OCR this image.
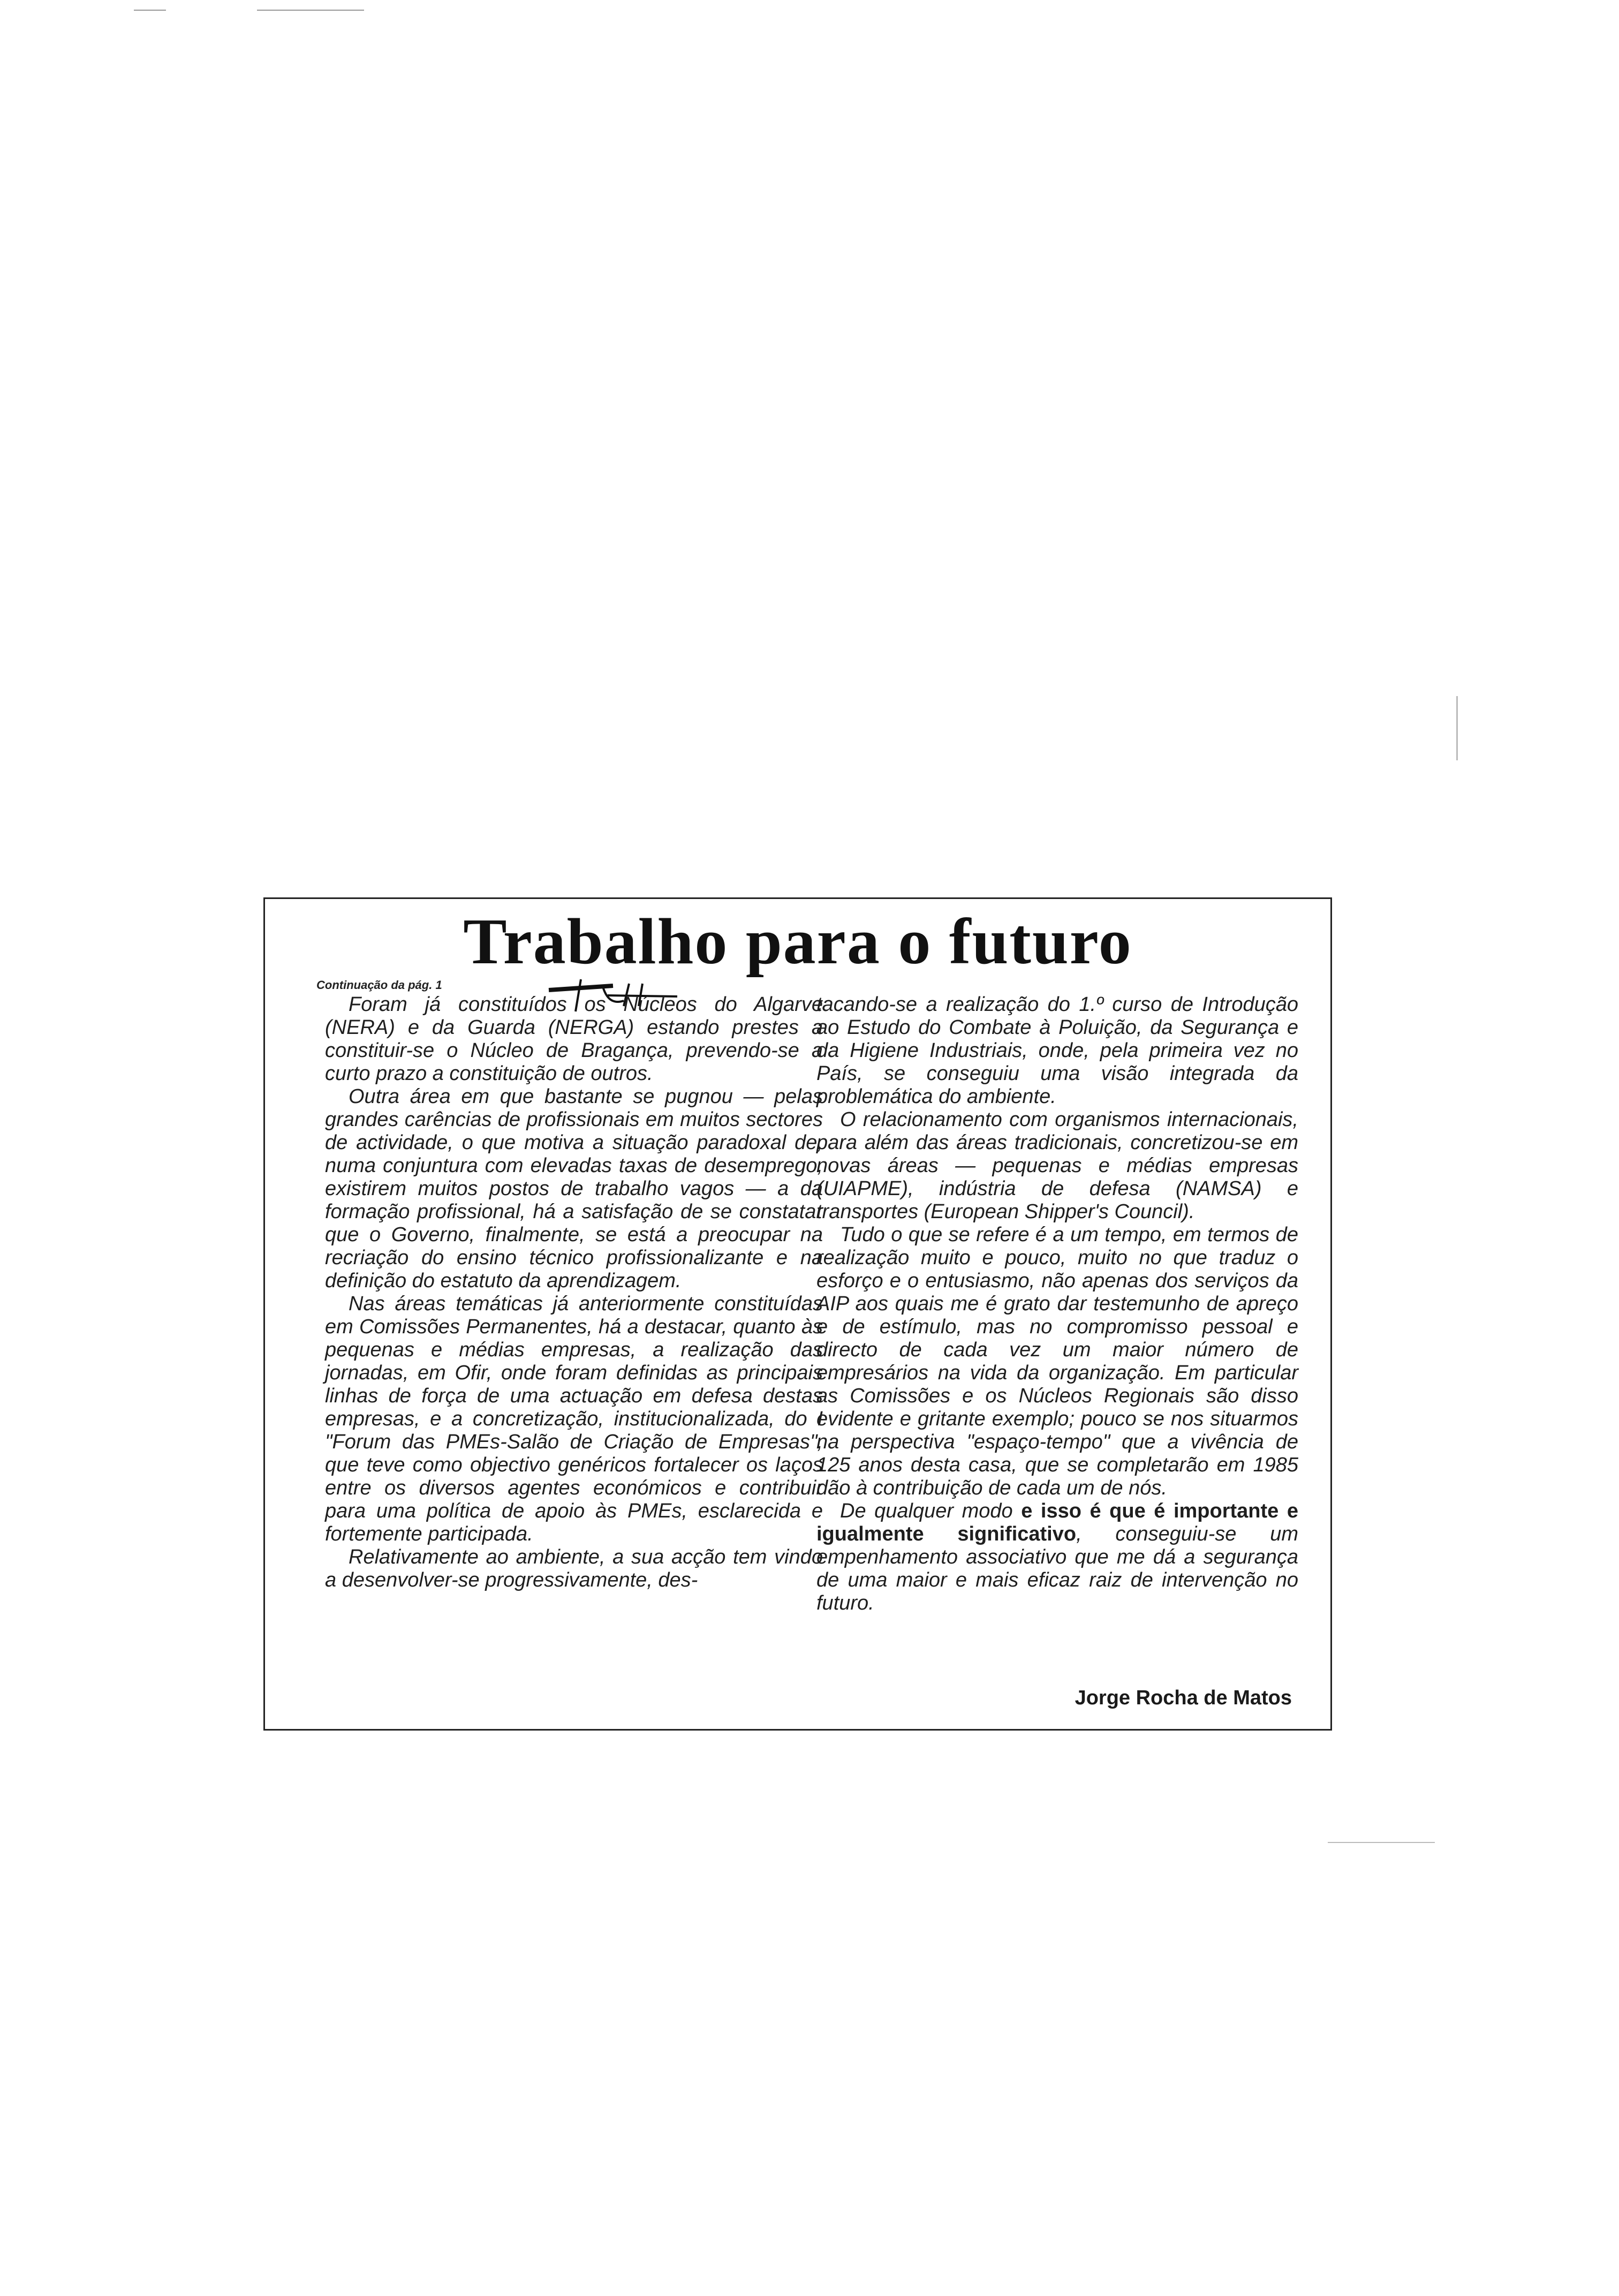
Trabalho para o futuro
Continuação da pág. 1

Foram já constituídos os Núcleos do Algarve (NERA) e da Guarda (NERGA) estando prestes a constituir-se o Núcleo de Bragança, prevendo-se a curto prazo a constituição de outros.

Outra área em que bastante se pugnou — pelas grandes carências de profissionais em muitos sectores de actividade, o que motiva a situação paradoxal de, numa conjuntura com elevadas taxas de desemprego, existirem muitos postos de trabalho vagos — a da formação profissional, há a satisfação de se constatar que o Governo, finalmente, se está a preocupar na recriação do ensino técnico profissionalizante e na definição do estatuto da aprendizagem.

Nas áreas temáticas já anteriormente constituídas em Comissões Permanentes, há a destacar, quanto às pequenas e médias empresas, a realização das jornadas, em Ofir, onde foram definidas as principais linhas de força de uma actuação em defesa destas empresas, e a concretização, institucionalizada, do I "Forum das PMEs-Salão de Criação de Empresas", que teve como objectivo genéricos fortalecer os laços entre os diversos agentes económicos e contribuir para uma política de apoio às PMEs, esclarecida e fortemente participada.

Relativamente ao ambiente, a sua acção tem vindo a desenvolver-se progressivamente, des-

tacando-se a realização do 1.º curso de Introdução ao Estudo do Combate à Poluição, da Segurança e da Higiene Industriais, onde, pela primeira vez no País, se conseguiu uma visão integrada da problemática do ambiente.

O relacionamento com organismos internacionais, para além das áreas tradicionais, concretizou-se em novas áreas — pequenas e médias empresas (UIAPME), indústria de defesa (NAMSA) e transportes (European Shipper's Council).

Tudo o que se refere é a um tempo, em termos de realização muito e pouco, muito no que traduz o esforço e o entusiasmo, não apenas dos serviços da AIP aos quais me é grato dar testemunho de apreço e de estímulo, mas no compromisso pessoal e directo de cada vez um maior número de empresários na vida da organização. Em particular as Comissões e os Núcleos Regionais são disso evidente e gritante exemplo; pouco se nos situarmos na perspectiva "espaço-tempo" que a vivência de 125 anos desta casa, que se completarão em 1985 dão à contribuição de cada um de nós.

De qualquer modo e isso é que é importante e igualmente significativo, conseguiu-se um empenhamento associativo que me dá a segurança de uma maior e mais eficaz raiz de intervenção no futuro.

Jorge Rocha de Matos
